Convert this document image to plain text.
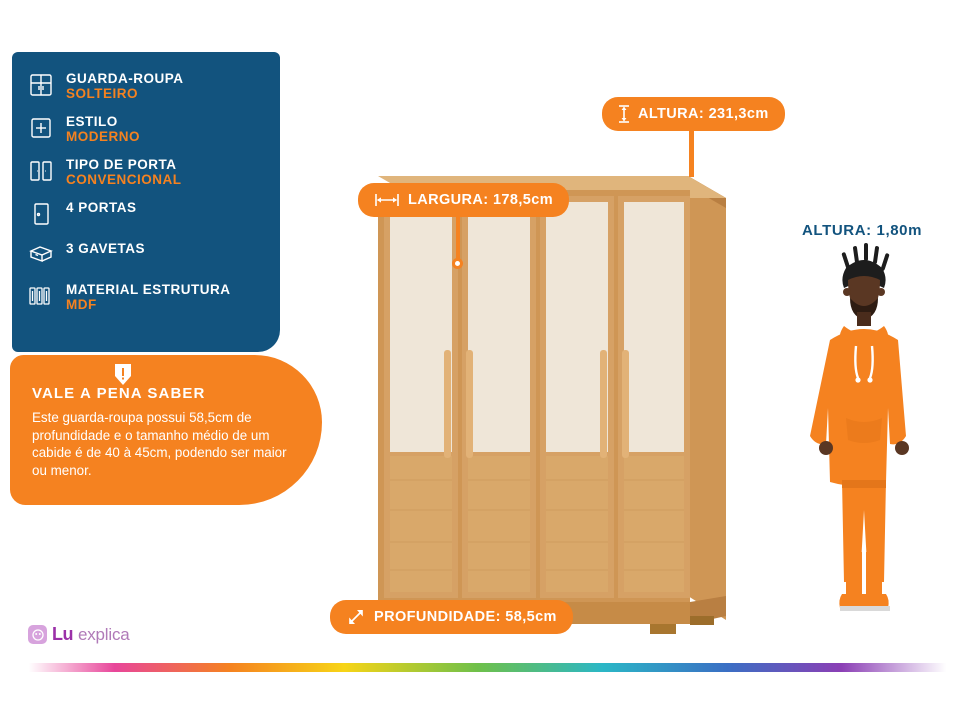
GUARDA-ROUPA
SOLTEIRO
ESTILO
MODERNO
TIPO DE PORTA
CONVENCIONAL
4 PORTAS
3 GAVETAS
MATERIAL ESTRUTURA
MDF
VALE A PENA SABER
Este guarda-roupa possui 58,5cm de profundidade e o tamanho médio de um cabide é de 40 à 45cm, podendo ser maior ou menor.
ALTURA: 231,3cm
LARGURA: 178,5cm
PROFUNDIDADE: 58,5cm
ALTURA: 1,80m
Lu explica
